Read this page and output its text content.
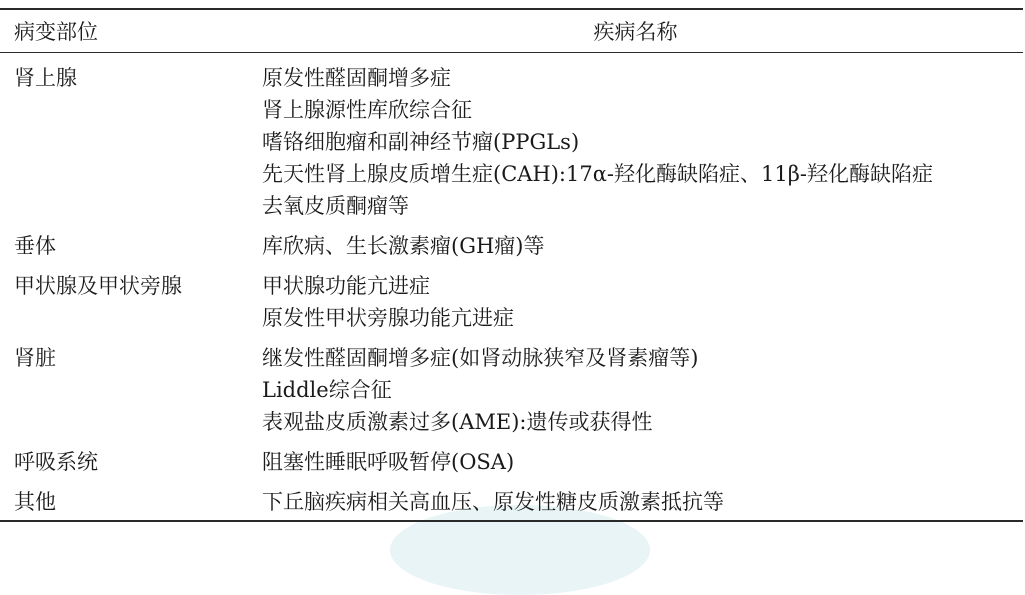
病变部位	疾病名称
肾上腺	原发性醛固酮增多症
肾上腺源性库欣综合征
嗜铬细胞瘤和副神经节瘤(PPGLs)
先天性肾上腺皮质增生症(CAH):17α-羟化酶缺陷症、11β-羟化酶缺陷症
去氧皮质酮瘤等

垂体	库欣病、生长激素瘤(GH瘤)等

甲状腺及甲状旁腺	甲状腺功能亢进症
原发性甲状旁腺功能亢进症

肾脏	继发性醛固酮增多症(如肾动脉狭窄及肾素瘤等)
Liddle综合征
表观盐皮质激素过多(AME):遗传或获得性

呼吸系统	阻塞性睡眠呼吸暂停(OSA)

其他	下丘脑疾病相关高血压、原发性糖皮质激素抵抗等
